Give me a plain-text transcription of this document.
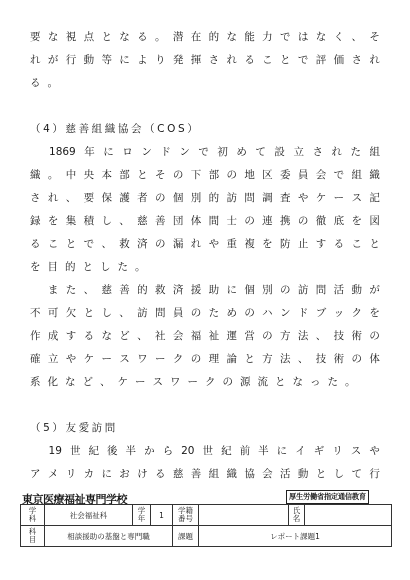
要 な 視 点 と な る 。 潜 在 的 な 能 力 で は な く 、 そ
れ が 行 動 等 に よ り 発 揮 さ れ る こ と で 評 価 さ れ
る 。
（4）慈善組織協会（COS）

1869 年 に ロ ン ド ン で 初 め て 設 立 さ れ た 組
織 。 中 央 本 部 と そ の 下 部 の 地 区 委 員 会 で 組 織
さ れ 、 要 保 護 者 の 個 別 的 訪 問 調 査 や ケ ー ス 記
録 を 集 積 し 、 慈 善 団 体 間 士 の 連 携 の 徹 底 を 図
る こ と で 、 救 済 の 漏 れ や 重 複 を 防 止 す る こ と
を 目 的 と し た 。

ま た 、 慈 善 的 救 済 援 助 に 個 別 の 訪 問 活 動 が
不 可 欠 と し 、 訪 問 員 の た め の ハ ン ド ブ ッ ク を
作 成 す る な ど 、 社 会 福 祉 運 営 の 方 法 、 技 術 の
確 立 や ケ ー ス ワ ー ク の 理 論 と 方 法 、 技 術 の 体
系 化 な ど 、 ケ ー ス ワ ー ク の 源 流 と な っ た 。
（5）友愛訪問

19 世 紀 後 半 か ら 20 世 紀 前 半 に イ ギ リ ス や
ア メ リ カ に お け る 慈 善 組 織 協 会 活 動 と し て 行
東京医療福祉専門学校	厚生労働省指定通信教育
学科	社会福祉科	学年	1	学籍番号		氏名	
科目	相談援助の基盤と専門職			課題	レポート課題1		
